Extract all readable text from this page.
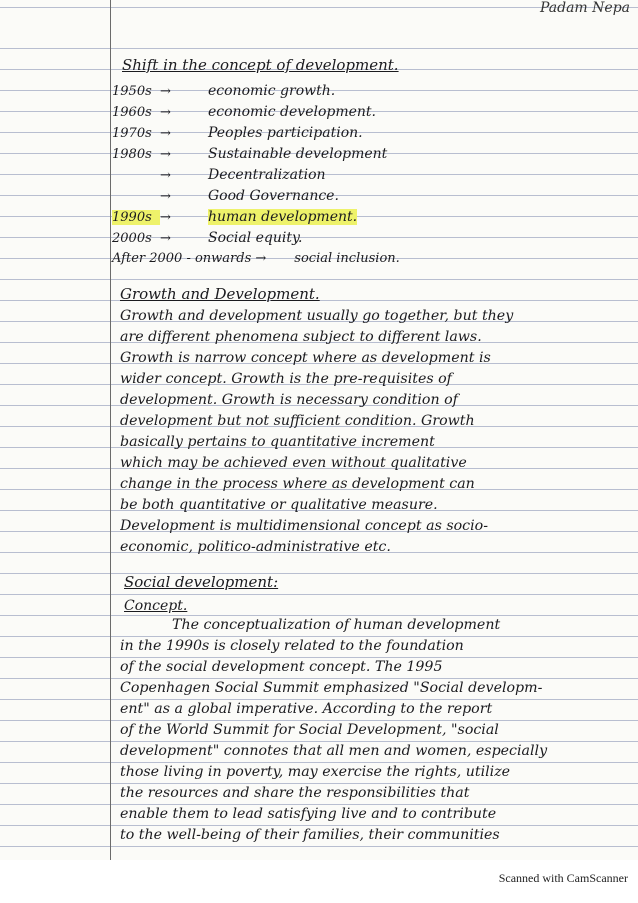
Padam Nepa
Shift in the concept of development.
1950s →	economic growth.
1960s →	economic development.
1970s →	Peoples participation.
1980s →	Sustainable development
→	Decentralization
→	Good Governance.
1990s →	human development.
2000s →	Social equity.
After 2000 - onwards → social inclusion.
Growth and Development.
Growth and development usually go together, but they
are different phenomena subject to different laws.
Growth is narrow concept where as development is
wider concept. Growth is the pre-requisites of
development. Growth is necessary condition of
development but not sufficient condition. Growth
basically pertains to quantitative increment
which may be achieved even without qualitative
change in the process where as development can
be both quantitative or qualitative measure.
Development is multidimensional concept as socio-
economic, politico-administrative etc.
Social development:
Concept.
The conceptualization of human development
in the 1990s is closely related to the foundation
of the social development concept. The 1995
Copenhagen Social Summit emphasized "Social developm-
ent" as a global imperative. According to the report
of the World Summit for Social Development, "social
development" connotes that all men and women, especially
those living in poverty, may exercise the rights, utilize
the resources and share the responsibilities that
enable them to lead satisfying live and to contribute
to the well-being of their families, their communities
Scanned with CamScanner
